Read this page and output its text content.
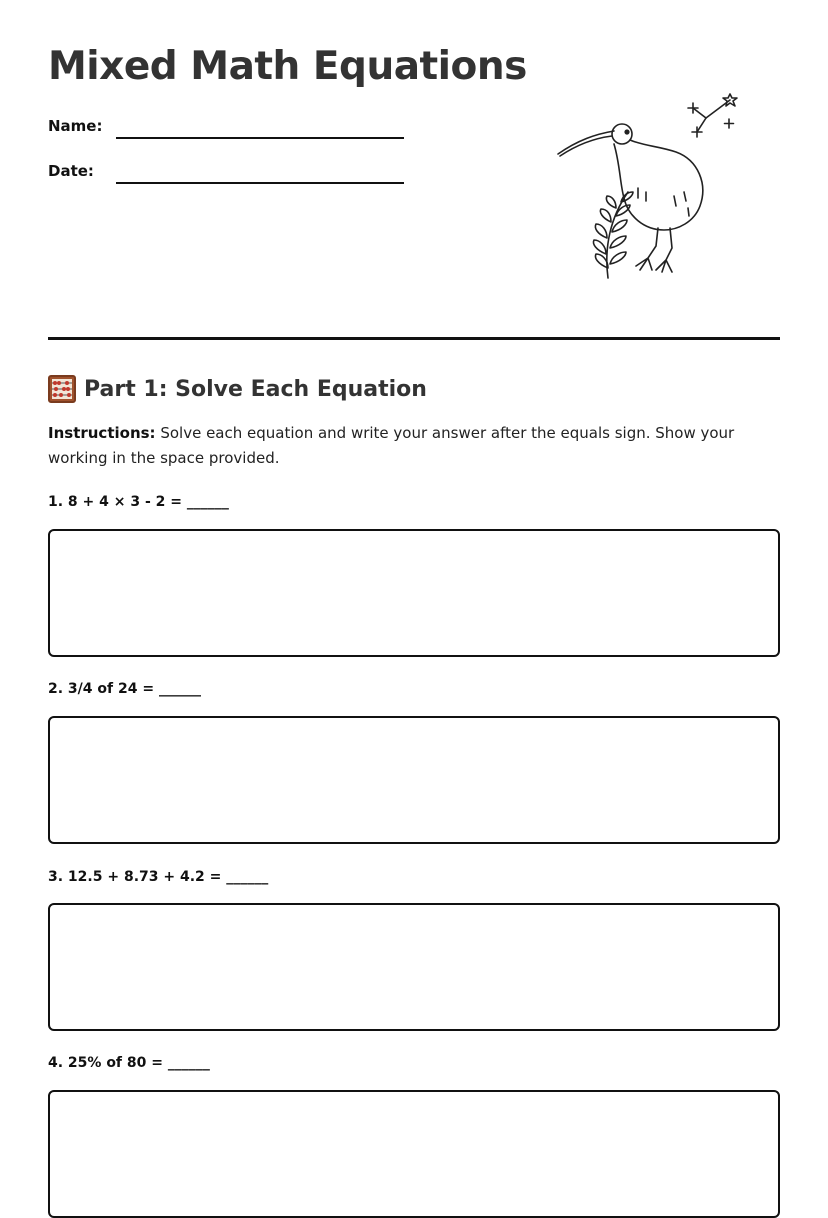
Mixed Math Equations
Name:
Date:
Part 1: Solve Each Equation

Instructions: Solve each equation and write your answer after the equals sign. Show your working in the space provided.

1. 8 + 4 × 3 - 2 = ______
2. 3/4 of 24 = ______
3. 12.5 + 8.73 + 4.2 = ______
4. 25% of 80 = ______
